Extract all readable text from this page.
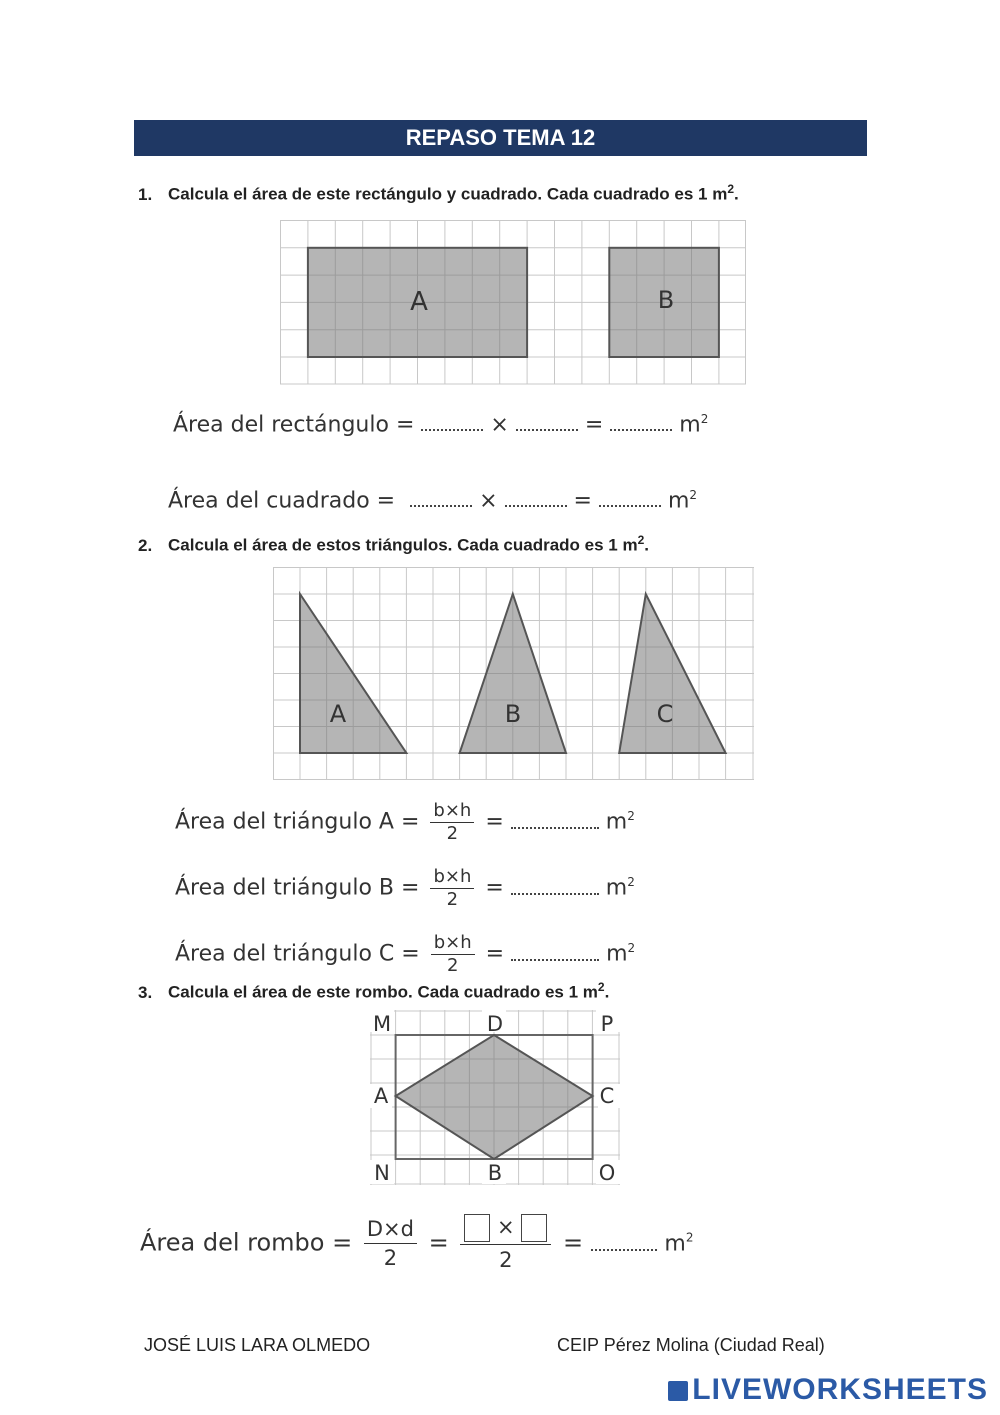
REPASO TEMA 12
1. Calcula el área de este rectángulo y cuadrado. Cada cuadrado es 1 $m^2$.
A	B
Área del rectángulo =	×	=	$m^2$
Área del cuadrado =	×	=	$m^2$
2. Calcula el área de estos triángulos. Cada cuadrado es 1 $m^2$.
A	B	C
Área del triángulo $A = \frac{b\times h}{2}$ =	$m^2$
Área del triángulo $B = \frac{b\times h}{2}$ =	$m^2$
Área del triángulo $C = \frac{b\times h}{2}$ =	$m^2$
3. Calcula el área de este rombo. Cada cuadrado es 1 $m^2$.
M	D	P
A	C
N	B	O
Área del rombo = $\frac{D\times d}{2} = \frac{\times}{2}$ =	$m^2$
JOSÉ LUIS LARA OLMEDO	CEIP Pérez Molina (Ciudad Real)
LIVEWORKSHEETS
